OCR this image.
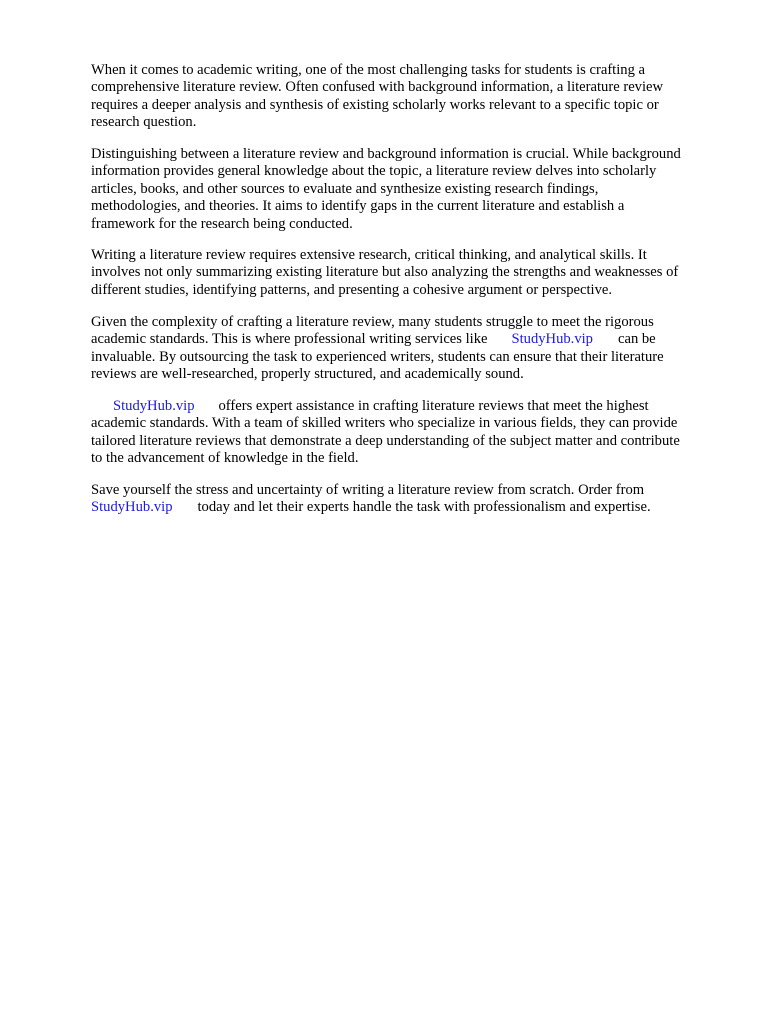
When it comes to academic writing, one of the most challenging tasks for students is crafting a
comprehensive literature review. Often confused with background information, a literature review
requires a deeper analysis and synthesis of existing scholarly works relevant to a specific topic or
research question.

Distinguishing between a literature review and background information is crucial. While background
information provides general knowledge about the topic, a literature review delves into scholarly
articles, books, and other sources to evaluate and synthesize existing research findings,
methodologies, and theories. It aims to identify gaps in the current literature and establish a
framework for the research being conducted.

Writing a literature review requires extensive research, critical thinking, and analytical skills. It
involves not only summarizing existing literature but also analyzing the strengths and weaknesses of
different studies, identifying patterns, and presenting a cohesive argument or perspective.

Given the complexity of crafting a literature review, many students struggle to meet the rigorous
academic standards. This is where professional writing services like StudyHub.vip can be
invaluable. By outsourcing the task to experienced writers, students can ensure that their literature
reviews are well-researched, properly structured, and academically sound.

StudyHub.vip offers expert assistance in crafting literature reviews that meet the highest
academic standards. With a team of skilled writers who specialize in various fields, they can provide
tailored literature reviews that demonstrate a deep understanding of the subject matter and contribute
to the advancement of knowledge in the field.

Save yourself the stress and uncertainty of writing a literature review from scratch. Order from
StudyHub.vip today and let their experts handle the task with professionalism and expertise.
